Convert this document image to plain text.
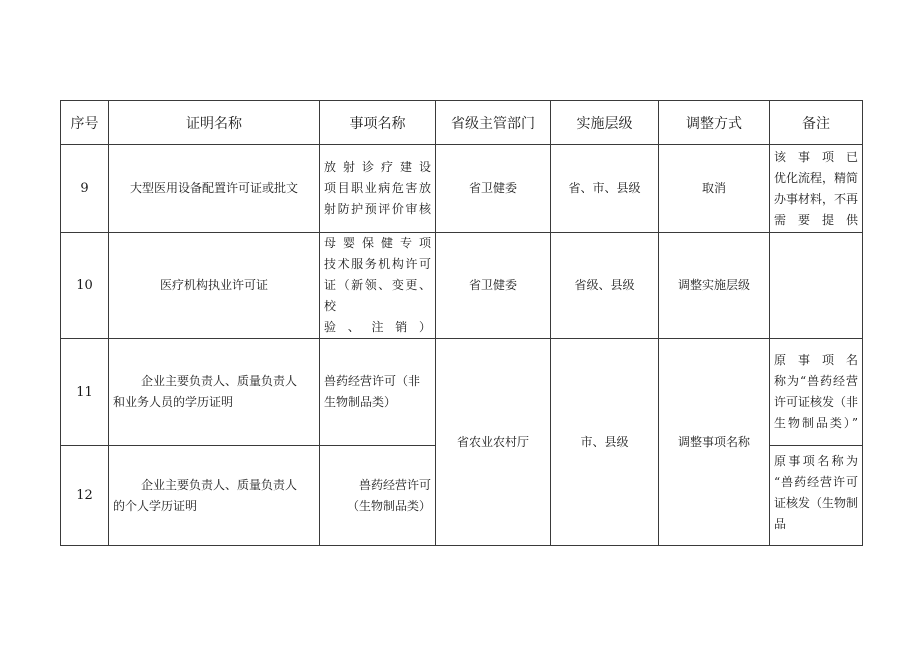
序号	证明名称	事项名称	省级主管部门	实施层级	调整方式	备注
9	大型医用设备配置许可证或批文	放射诊疗建设
项目职业病危害放
射防护预评价审核	省卫健委	省、市、县级	取消	该事项已
优化流程，精简
办事材料，不再
需要提供

10	医疗机构执业许可证	母婴保健专项
技术服务机构许可
证（新领、变更、校
验、注销）	省卫健委	省级、县级	调整实施层级	

11	企业主要负责人、质量负责人
和业务人员的学历证明	兽药经营许可（非
生物制品类）	省农业农村厅	市、县级	调整事项名称	原事项名
称为“兽药经营
许可证核发（非
生物制品类）”

12	企业主要负责人、质量负责人
的个人学历证明	兽药经营许可
（生物制品类）				原事项名称为
“兽药经营许可
证核发（生物制
品
